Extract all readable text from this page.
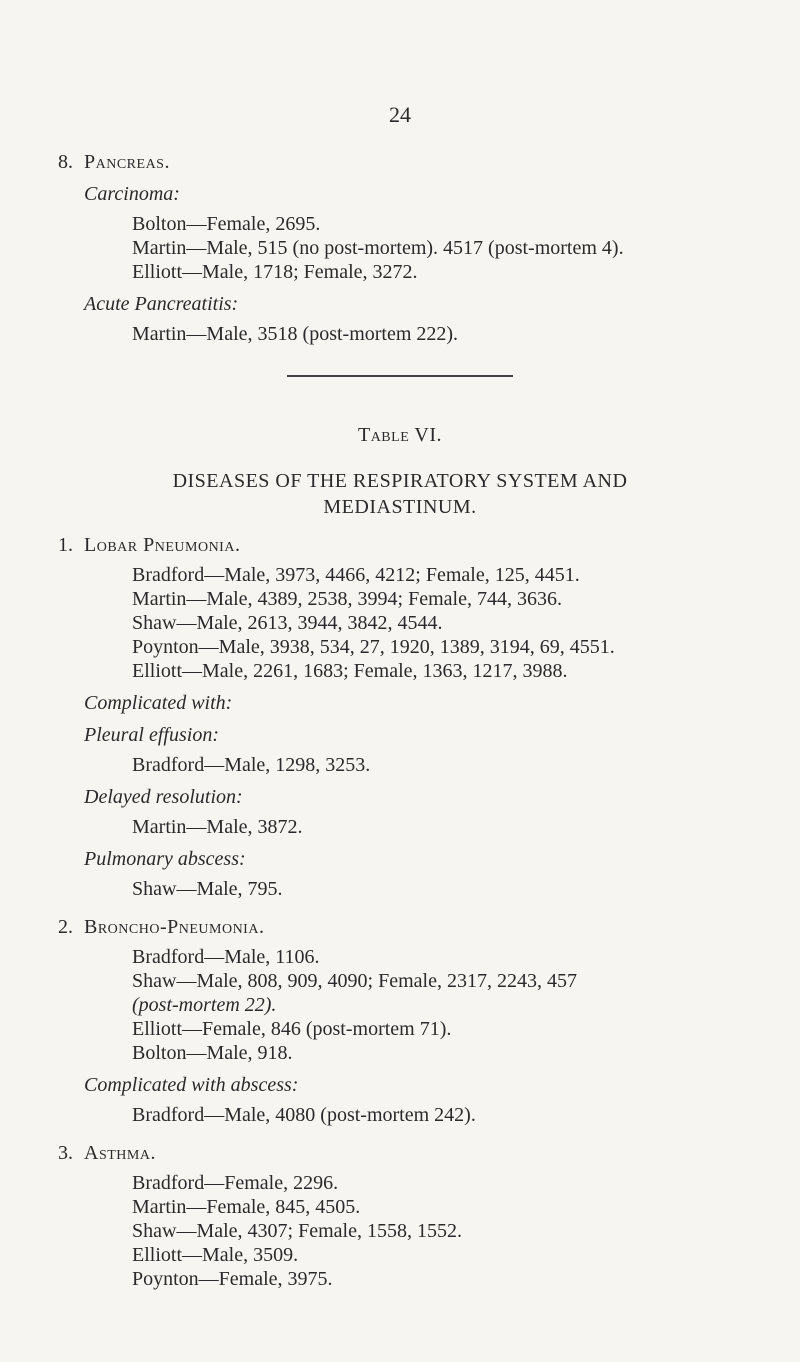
24
8. Pancreas.
Carcinoma:
Bolton—Female, 2695.
Martin—Male, 515 (no post-mortem). 4517 (post-mortem 4).
Elliott—Male, 1718; Female, 3272.
Acute Pancreatitis:
Martin—Male, 3518 (post-mortem 222).
Table VI.
DISEASES OF THE RESPIRATORY SYSTEM AND
MEDIASTINUM.
1. Lobar Pneumonia.
Bradford—Male, 3973, 4466, 4212; Female, 125, 4451.
Martin—Male, 4389, 2538, 3994; Female, 744, 3636.
Shaw—Male, 2613, 3944, 3842, 4544.
Poynton—Male, 3938, 534, 27, 1920, 1389, 3194, 69, 4551.
Elliott—Male, 2261, 1683; Female, 1363, 1217, 3988.
Complicated with:
Pleural effusion:
Bradford—Male, 1298, 3253.
Delayed resolution:
Martin—Male, 3872.
Pulmonary abscess:
Shaw—Male, 795.
2. Broncho-Pneumonia.
Bradford—Male, 1106.
Shaw—Male, 808, 909, 4090; Female, 2317, 2243, 457
(post-mortem 22).
Elliott—Female, 846 (post-mortem 71).
Bolton—Male, 918.
Complicated with abscess:
Bradford—Male, 4080 (post-mortem 242).
3. Asthma.
Bradford—Female, 2296.
Martin—Female, 845, 4505.
Shaw—Male, 4307; Female, 1558, 1552.
Elliott—Male, 3509.
Poynton—Female, 3975.
